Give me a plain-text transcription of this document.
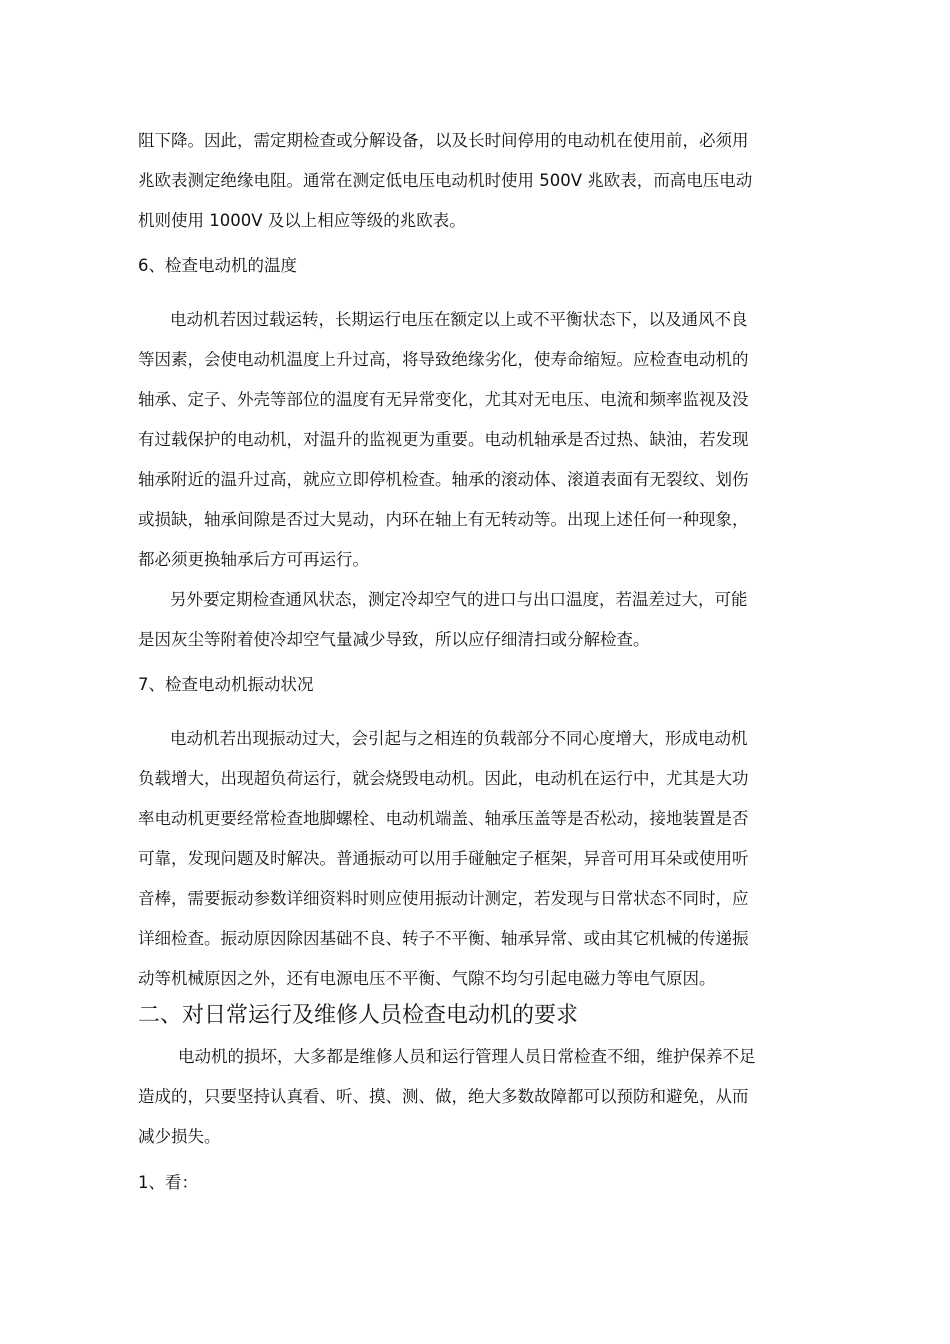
阻下降。因此，需定期检查或分解设备，以及长时间停用的电动机在使用前，必须用
兆欧表测定绝缘电阻。通常在测定低电压电动机时使用 500V 兆欧表，而高电压电动
机则使用 1000V 及以上相应等级的兆欧表。
6、检查电动机的温度
电动机若因过载运转，长期运行电压在额定以上或不平衡状态下，以及通风不良
等因素，会使电动机温度上升过高，将导致绝缘劣化，使寿命缩短。应检查电动机的
轴承、定子、外壳等部位的温度有无异常变化，尤其对无电压、电流和频率监视及没
有过载保护的电动机，对温升的监视更为重要。电动机轴承是否过热、缺油，若发现
轴承附近的温升过高，就应立即停机检查。轴承的滚动体、滚道表面有无裂纹、划伤
或损缺，轴承间隙是否过大晃动，内环在轴上有无转动等。出现上述任何一种现象，
都必须更换轴承后方可再运行。
另外要定期检查通风状态，测定冷却空气的进口与出口温度，若温差过大，可能
是因灰尘等附着使冷却空气量减少导致，所以应仔细清扫或分解检查。
7、检查电动机振动状况
电动机若出现振动过大，会引起与之相连的负载部分不同心度增大，形成电动机
负载增大，出现超负荷运行，就会烧毁电动机。因此，电动机在运行中，尤其是大功
率电动机更要经常检查地脚螺栓、电动机端盖、轴承压盖等是否松动，接地装置是否
可靠，发现问题及时解决。普通振动可以用手碰触定子框架，异音可用耳朵或使用听
音棒，需要振动参数详细资料时则应使用振动计测定，若发现与日常状态不同时，应
详细检查。振动原因除因基础不良、转子不平衡、轴承异常、或由其它机械的传递振
动等机械原因之外，还有电源电压不平衡、气隙不均匀引起电磁力等电气原因。
二、对日常运行及维修人员检查电动机的要求
电动机的损坏，大多都是维修人员和运行管理人员日常检查不细，维护保养不足
造成的，只要坚持认真看、听、摸、测、做，绝大多数故障都可以预防和避免，从而
减少损失。
1、看：
